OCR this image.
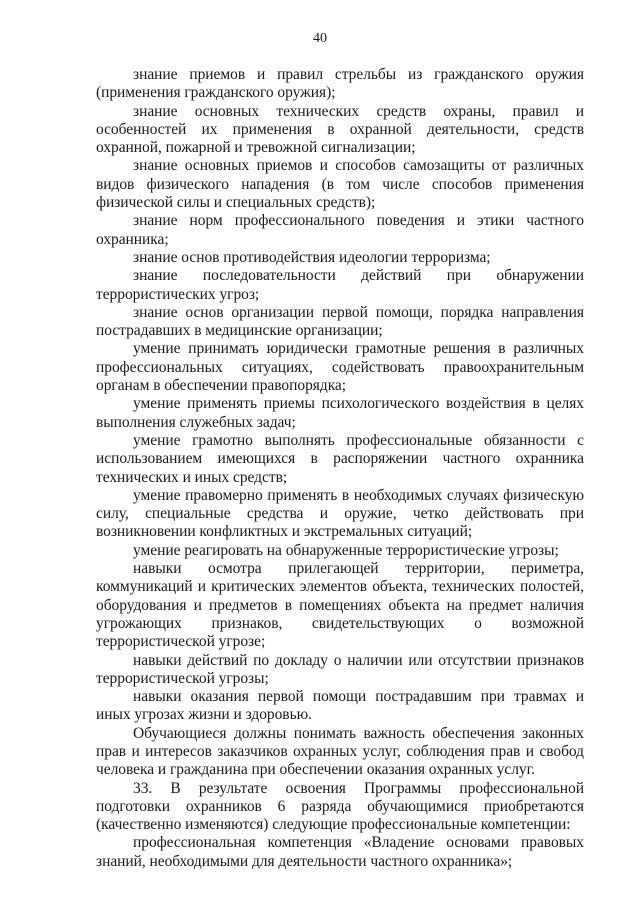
40

знание приемов и правил стрельбы из гражданского оружия (применения гражданского оружия);

знание основных технических средств охраны, правил и особенностей их применения в охранной деятельности, средств охранной, пожарной и тревожной сигнализации;

знание основных приемов и способов самозащиты от различных видов физического нападения (в том числе способов применения физической силы и специальных средств);

знание норм профессионального поведения и этики частного охранника;

знание основ противодействия идеологии терроризма;

знание последовательности действий при обнаружении террористических угроз;

знание основ организации первой помощи, порядка направления пострадавших в медицинские организации;

умение принимать юридически грамотные решения в различных профессиональных ситуациях, содействовать правоохранительным органам в обеспечении правопорядка;

умение применять приемы психологического воздействия в целях выполнения служебных задач;

умение грамотно выполнять профессиональные обязанности с использованием имеющихся в распоряжении частного охранника технических и иных средств;

умение правомерно применять в необходимых случаях физическую силу, специальные средства и оружие, четко действовать при возникновении конфликтных и экстремальных ситуаций;

умение реагировать на обнаруженные террористические угрозы;

навыки осмотра прилегающей территории, периметра, коммуникаций и критических элементов объекта, технических полостей, оборудования и предметов в помещениях объекта на предмет наличия угрожающих признаков, свидетельствующих о возможной террористической угрозе;

навыки действий по докладу о наличии или отсутствии признаков террористической угрозы;

навыки оказания первой помощи пострадавшим при травмах и иных угрозах жизни и здоровью.

Обучающиеся должны понимать важность обеспечения законных прав и интересов заказчиков охранных услуг, соблюдения прав и свобод человека и гражданина при обеспечении оказания охранных услуг.

33. В результате освоения Программы профессиональной подготовки охранников 6 разряда обучающимися приобретаются (качественно изменяются) следующие профессиональные компетенции:

профессиональная компетенция «Владение основами правовых знаний, необходимыми для деятельности частного охранника»;
